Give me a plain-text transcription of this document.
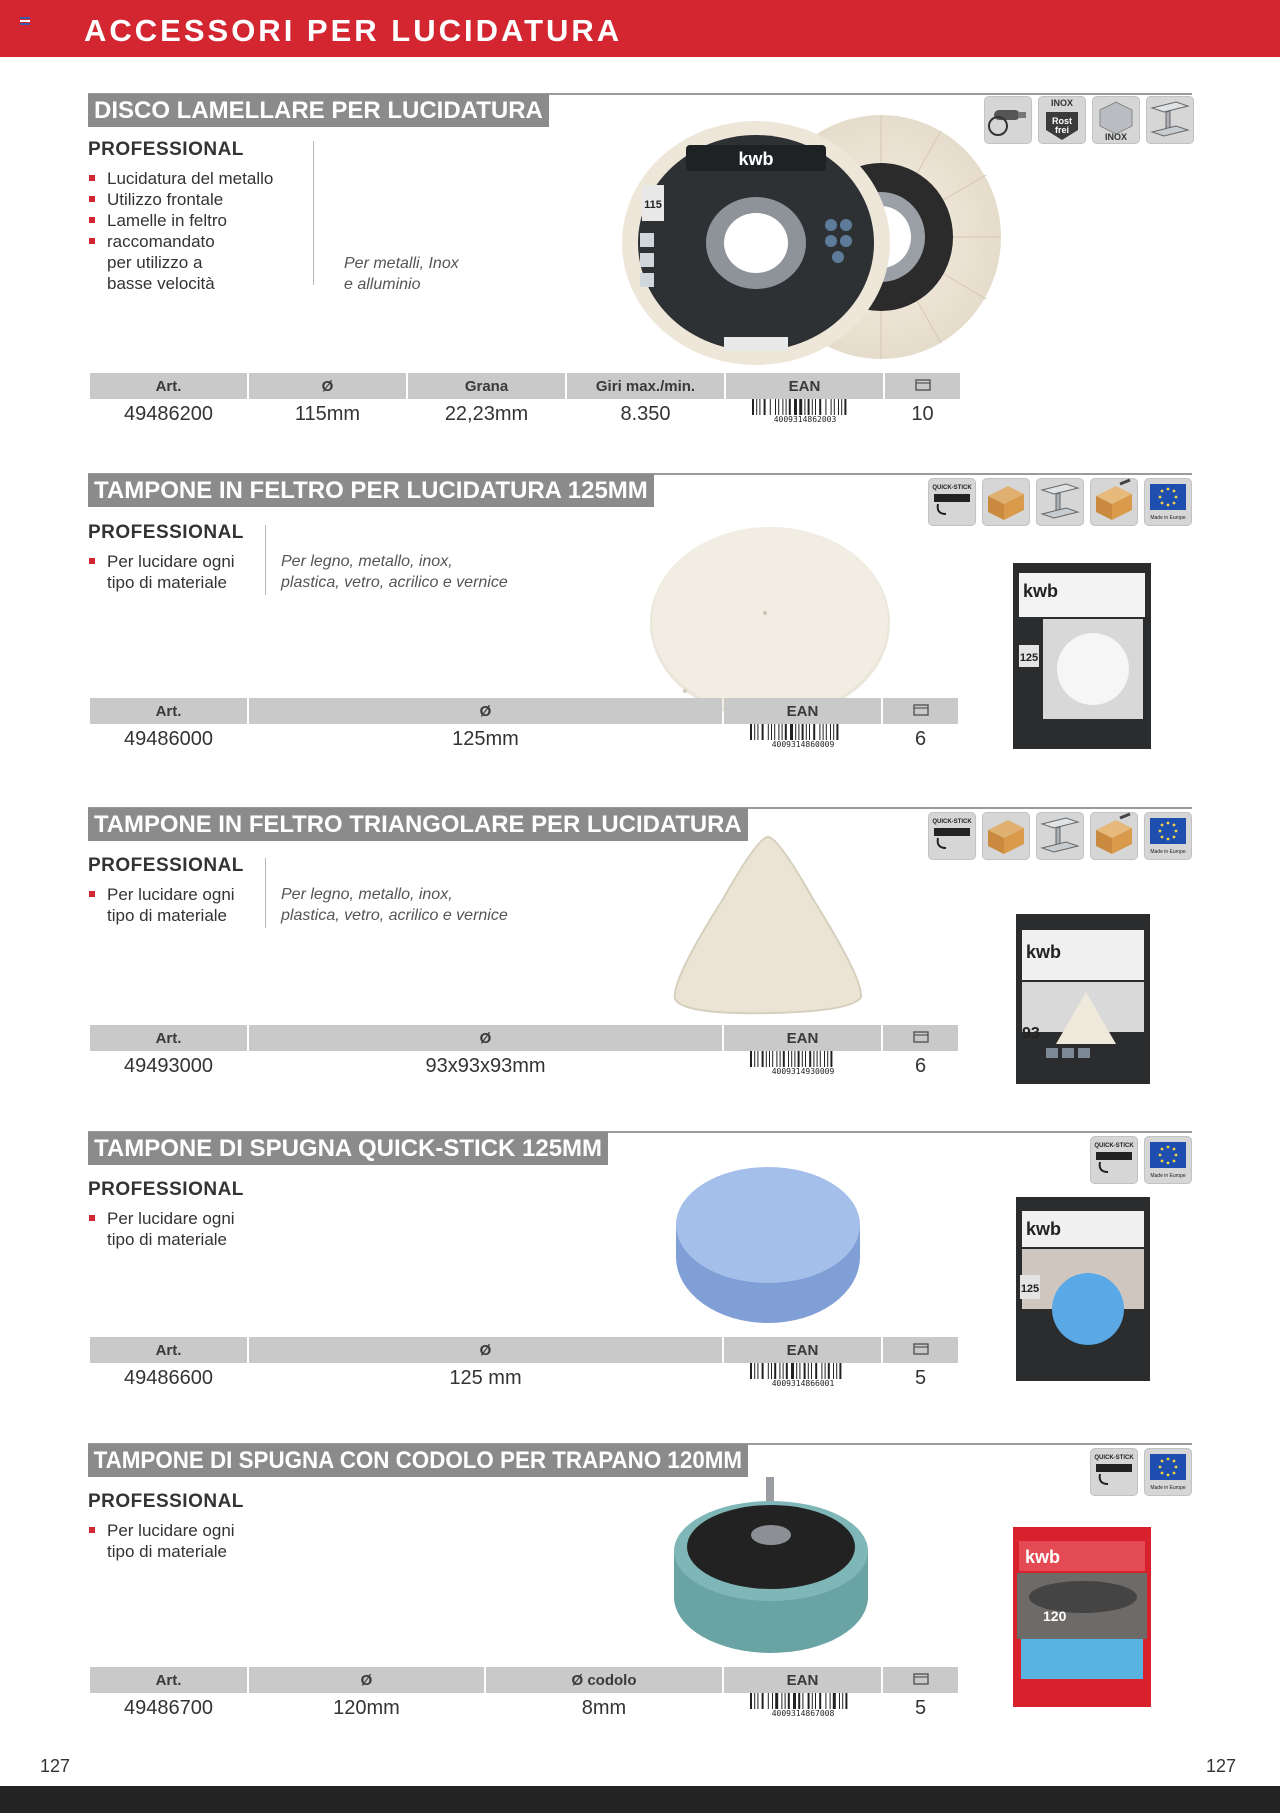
ACCESSORI PER LUCIDATURA
DISCO LAMELLARE PER LUCIDATURA
PROFESSIONAL
Lucidatura del metallo
Utilizzo frontale
Lamelle in feltro
raccomandato
per utilizzo a
basse velocità
Per metalli, Inox
e alluminio
kwb
115
INOX
Rost
frei
INOX
Art.	Ø	Grana	Giri max./min.	EAN	
49486200	115mm	22,23mm	8.350	4009314862003	10
TAMPONE IN FELTRO PER LUCIDATURA 125MM
PROFESSIONAL
Per lucidare ogni
tipo di materiale
Per legno, metallo, inox,
plastica, vetro, acrilico e vernice
QUICK-STICK
Made in Europe
kwb
125
Art.	Ø	EAN	
49486000	125mm	4009314860009	6
TAMPONE IN FELTRO TRIANGOLARE PER LUCIDATURA
PROFESSIONAL
Per lucidare ogni
tipo di materiale
Per legno, metallo, inox,
plastica, vetro, acrilico e vernice
QUICK-STICK
Made in Europe
kwb
93
Art.	Ø	EAN	
49493000	93x93x93mm	4009314930009	6
TAMPONE DI SPUGNA QUICK-STICK 125MM
PROFESSIONAL
Per lucidare ogni
tipo di materiale
QUICK-STICK
Made in Europe
kwb
125
Art.	Ø	EAN	
49486600	125 mm	4009314866001	5
TAMPONE DI SPUGNA CON CODOLO PER TRAPANO 120MM
PROFESSIONAL
Per lucidare ogni
tipo di materiale
QUICK-STICK
Made in Europe
kwb
120
Art.	Ø	Ø codolo	EAN	
49486700	120mm	8mm	4009314867008	5
127	127
